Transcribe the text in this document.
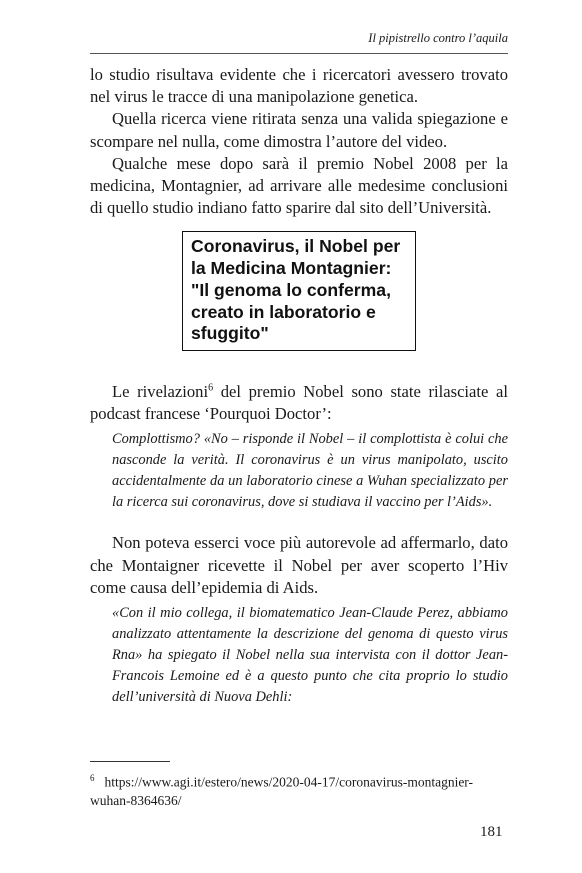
Il pipistrello contro l’aquila

lo studio risultava evidente che i ricercatori avessero trovato nel virus le tracce di una manipolazione genetica.

Quella ricerca viene ritirata senza una valida spiegazione e scompare nel nulla, come dimostra l’autore del video.

Qualche mese dopo sarà il premio Nobel 2008 per la medicina, Montagnier, ad arrivare alle medesime conclusioni di quello studio indiano fatto sparire dal sito dell’Università.

Coronavirus, il Nobel per la Medicina Montagnier: "Il genoma lo conferma, creato in laboratorio e sfuggito"

Le rivelazioni$^6$ del premio Nobel sono state rilasciate al podcast francese ‘Pourquoi Doctor’:

Complottismo? «No – risponde il Nobel – il complottista è colui che nasconde la verità. Il coronavirus è un virus manipolato, uscito accidentalmente da un laboratorio cinese a Wuhan specializzato per la ricerca sui coronavirus, dove si studiava il vaccino per l’Aids».

Non poteva esserci voce più autorevole ad affermarlo, dato che Montaigner ricevette il Nobel per aver scoperto l’Hiv come causa dell’epidemia di Aids.

«Con il mio collega, il biomatematico Jean-Claude Perez, abbiamo analizzato attentamente la descrizione del genoma di questo virus Rna» ha spiegato il Nobel nella sua intervista con il dottor Jean-Francois Lemoine ed è a questo punto che cita proprio lo studio dell’università di Nuova Dehli:

$^6$ https://www.agi.it/estero/news/2020-04-17/coronavirus-montagnier-wuhan-8364636/
181
